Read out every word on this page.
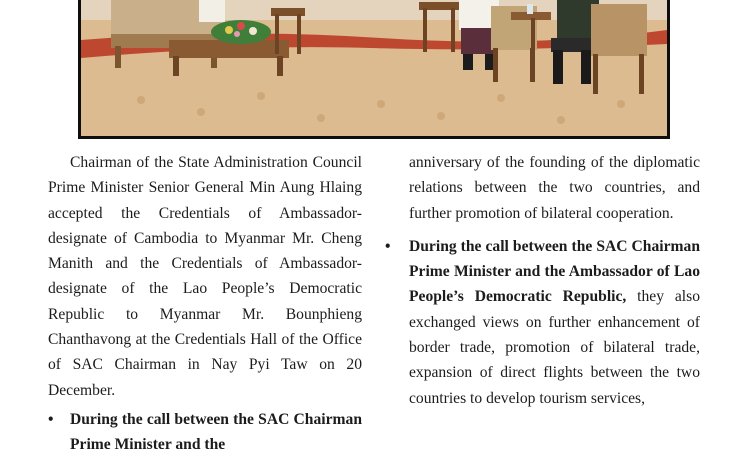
Chairman of the State Administration Council Prime Minister Senior General Min Aung Hlaing accepted the Credentials of Ambassador-designate of Cambodia to Myanmar Mr. Cheng Manith and the Credentials of Ambassador-designate of the Lao People’s Democratic Republic to Myanmar Mr. Bounphieng Chanthavong at the Credentials Hall of the Office of SAC Chairman in Nay Pyi Taw on 20 December.

• During the call between the SAC Chairman Prime Minister and the

anniversary of the founding of the diplomatic relations between the two countries, and further promotion of bilateral cooperation.

• During the call between the SAC Chairman Prime Minister and the Ambassador of Lao People’s Democratic Republic, they also exchanged views on further enhancement of border trade, promotion of bilateral trade, expansion of direct flights between the two countries to develop tourism services,
